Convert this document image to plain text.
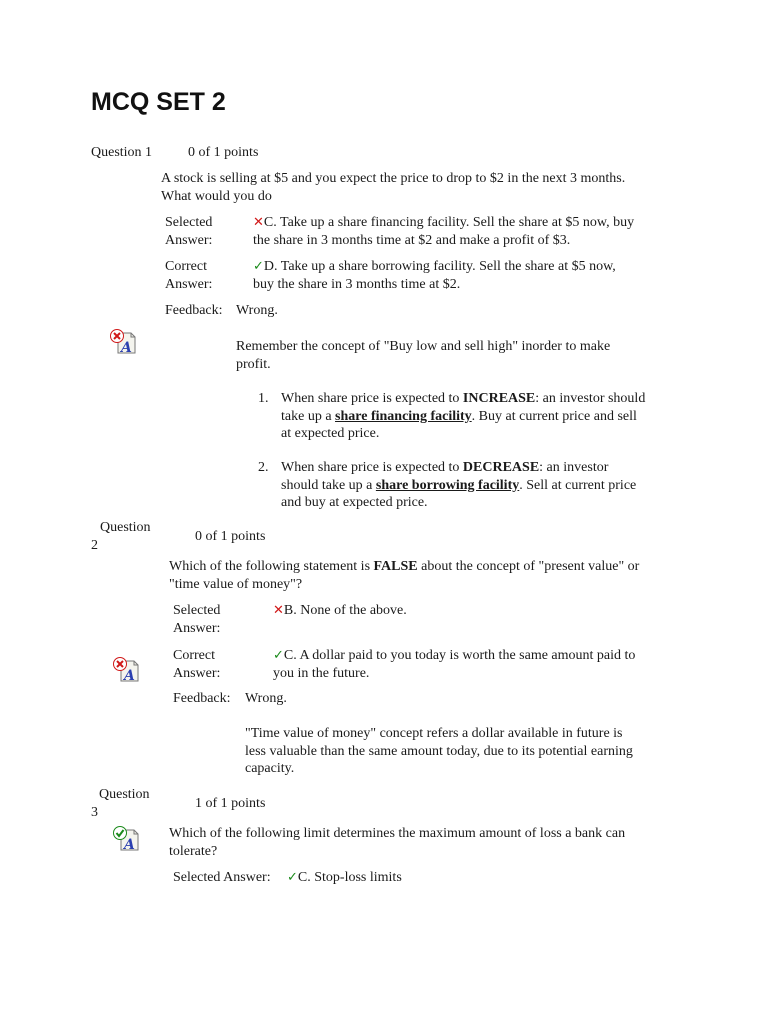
MCQ SET 2
Question 1	0 of 1 points
A stock is selling at $5 and you expect the price to drop to $2 in the next 3 months.
What would you do
Selected
Answer:
✕C. Take up a share financing facility. Sell the share at $5 now, buy
the share in 3 months time at $2 and make a profit of $3.
Correct
Answer:
✓D. Take up a share borrowing facility. Sell the share at $5 now,
buy the share in 3 months time at $2.
Feedback: Wrong.
A	Remember the concept of "Buy low and sell high" inorder to make
profit.
1. When share price is expected to INCREASE: an investor should
take up a share financing facility. Buy at current price and sell
at expected price.
2. When share price is expected to DECREASE: an investor
should take up a share borrowing facility. Sell at current price
and buy at expected price.
Question
2
0 of 1 points
Which of the following statement is FALSE about the concept of "present value" or
"time value of money"?
Selected
Answer:
✕B. None of the above.
Correct
Answer:
✓C. A dollar paid to you today is worth the same amount paid to
you in the future.
A
Feedback: Wrong.
"Time value of money" concept refers a dollar available in future is
less valuable than the same amount today, due to its potential earning
capacity.
Question
3
1 of 1 points
A
Which of the following limit determines the maximum amount of loss a bank can
tolerate?
Selected Answer: ✓C. Stop-loss limits
